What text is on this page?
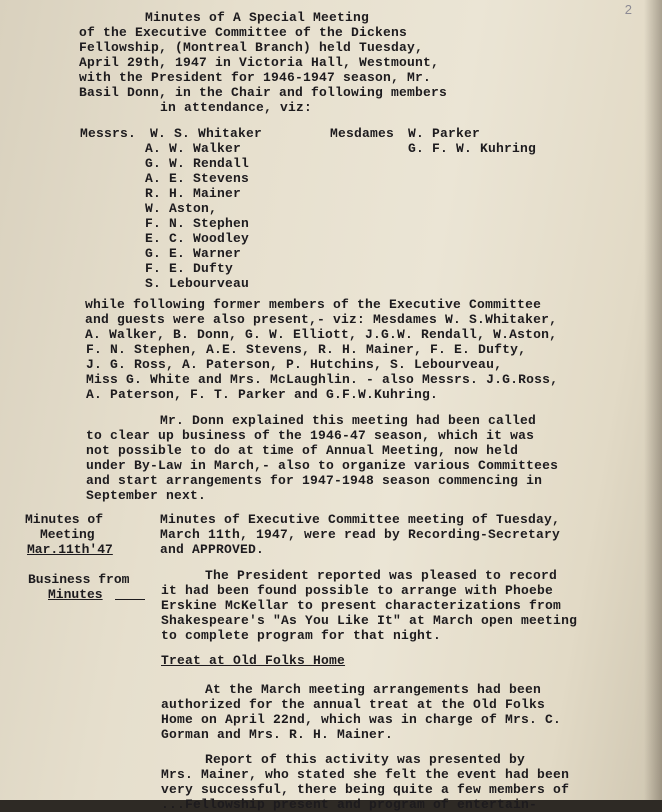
2
Minutes of A Special Meeting
of the Executive Committee of the Dickens
Fellowship, (Montreal Branch) held Tuesday,
April 29th, 1947 in Victoria Hall, Westmount,
with the President for 1946-1947 season, Mr.
Basil Donn, in the Chair and following members
in attendance, viz:
Messrs. W. S. Whitaker
A. W. Walker
G. W. Rendall
A. E. Stevens
R. H. Mainer
W. Aston,
F. N. Stephen
E. C. Woodley
G. E. Warner
F. E. Dufty
S. Lebourveau
Mesdames W. Parker
G. F. W. Kuhring
while following former members of the Executive Committee
and guests were also present,- viz: Mesdames W. S.Whitaker,
A. Walker, B. Donn, G. W. Elliott, J.G.W. Rendall, W.Aston,
F. N. Stephen, A.E. Stevens, R. H. Mainer, F. E. Dufty,
J. G. Ross, A. Paterson, P. Hutchins, S. Lebourveau,
Miss G. White and Mrs. McLaughlin. - also Messrs. J.G.Ross,
A. Paterson, F. T. Parker and G.F.W.Kuhring.
Mr. Donn explained this meeting had been called
to clear up business of the 1946-47 season, which it was
not possible to do at time of Annual Meeting, now held
under By-Law in March,- also to organize various Committees
and start arrangements for 1947-1948 season commencing in
September next.
Minutes of
Meeting
Mar.11th'47
Minutes of Executive Committee meeting of Tuesday,
March 11th, 1947, were read by Recording-Secretary
and APPROVED.
Business from
Minutes
The President reported was pleased to record
it had been found possible to arrange with Phoebe
Erskine McKellar to present characterizations from
Shakespeare's "As You Like It" at March open meeting
to complete program for that night.
Treat at Old Folks Home
At the March meeting arrangements had been
authorized for the annual treat at the Old Folks
Home on April 22nd, which was in charge of Mrs. C.
Gorman and Mrs. R. H. Mainer.
Report of this activity was presented by
Mrs. Mainer, who stated she felt the event had been
very successful, there being quite a few members of
...Fellowship present and program of entertain-
